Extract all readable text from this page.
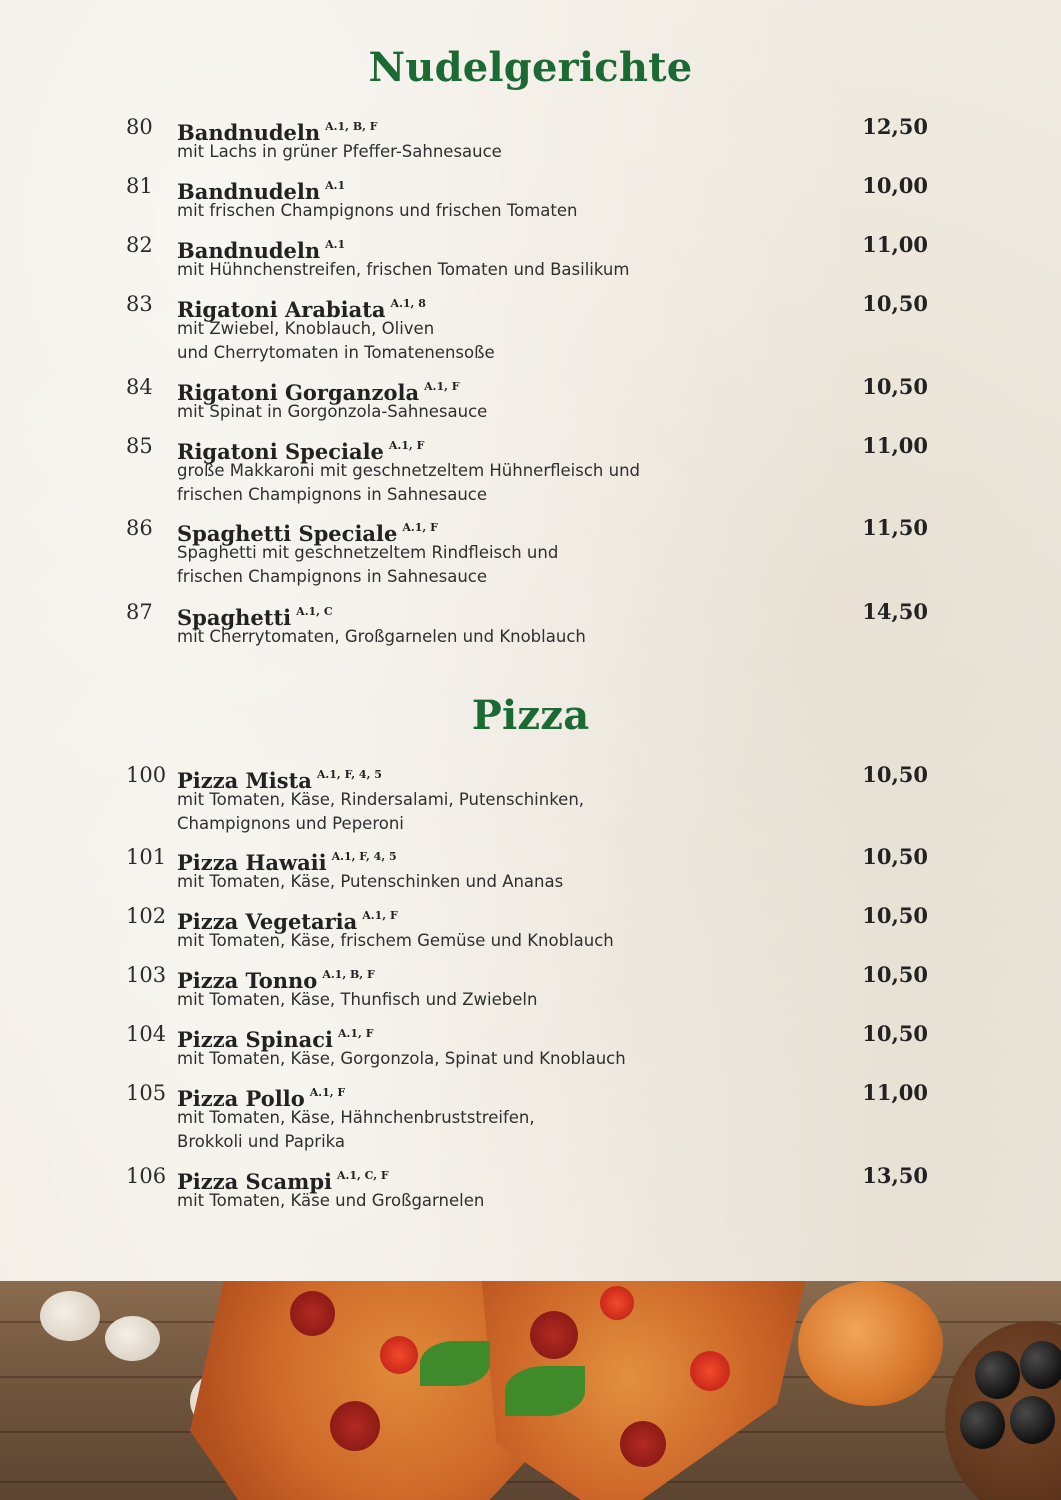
Nudelgerichte
80 Bandnudeln $^{A.1, B, F}$	12,50
mit Lachs in grüner Pfeffer-Sahnesauce
81 Bandnudeln $^{A.1}$	10,00
mit frischen Champignons und frischen Tomaten
82 Bandnudeln $^{A.1}$	11,00
mit Hühnchenstreifen, frischen Tomaten und Basilikum
83 Rigatoni Arabiata $^{A.1, 8}$	10,50
mit Zwiebel, Knoblauch, Oliven
und Cherrytomaten in Tomatenensoße
84 Rigatoni Gorganzola $^{A.1, F}$	10,50
mit Spinat in Gorgonzola-Sahnesauce
85 Rigatoni Speciale $^{A.1, F}$	11,00
große Makkaroni mit geschnetzeltem Hühnerfleisch und
frischen Champignons in Sahnesauce
86 Spaghetti Speciale $^{A.1, F}$	11,50
Spaghetti mit geschnetzeltem Rindfleisch und
frischen Champignons in Sahnesauce
87 Spaghetti $^{A.1, C}$	14,50
mit Cherrytomaten, Großgarnelen und Knoblauch
Pizza
100 Pizza Mista $^{A.1, F, 4, 5}$	10,50
mit Tomaten, Käse, Rindersalami, Putenschinken,
Champignons und Peperoni
101 Pizza Hawaii $^{A.1, F, 4, 5}$	10,50
mit Tomaten, Käse, Putenschinken und Ananas
102 Pizza Vegetaria $^{A.1, F}$	10,50
mit Tomaten, Käse, frischem Gemüse und Knoblauch
103 Pizza Tonno $^{A.1, B, F}$	10,50
mit Tomaten, Käse, Thunfisch und Zwiebeln
104 Pizza Spinaci $^{A.1, F}$	10,50
mit Tomaten, Käse, Gorgonzola, Spinat und Knoblauch
105 Pizza Pollo $^{A.1, F}$	11,00
mit Tomaten, Käse, Hähnchenbruststreifen,
Brokkoli und Paprika
106 Pizza Scampi $^{A.1, C, F}$	13,50
mit Tomaten, Käse und Großgarnelen
